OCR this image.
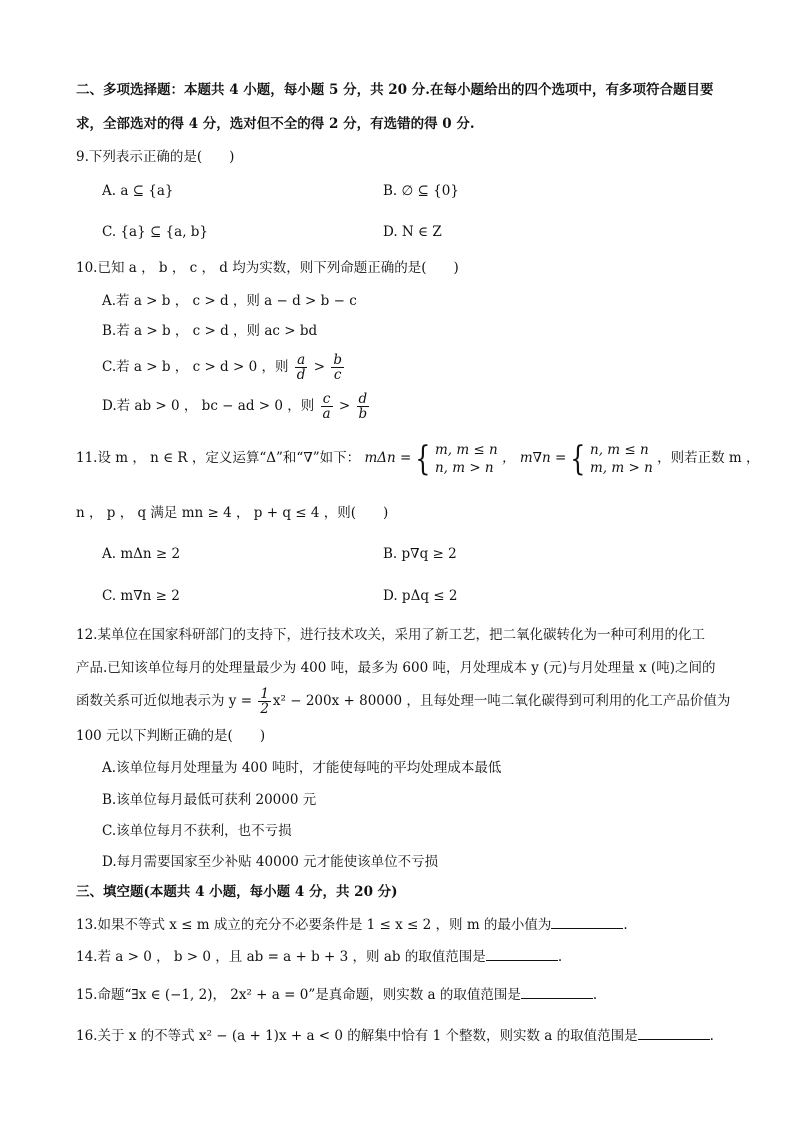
二、多项选择题：本题共 4 小题，每小题 5 分，共 20 分.在每小题给出的四个选项中，有多项符合题目要
求，全部选对的得 4 分，选对但不全的得 2 分，有选错的得 0 分.
9.下列表示正确的是(　　)
A. a ⊆ {a}	B. ∅ ⊆ {0}
C. {a} ⊆ {a, b}	D. N ∈ Z
10.已知 a ， b ， c ， d 均为实数，则下列命题正确的是(　　)
A.若 a > b ， c > d ，则 a − d > b − c
B.若 a > b ， c > d ，则 ac > bd
C.若 a > b ， c > d > 0 ，则 $\frac{a}{d} > \frac{b}{c}$
D.若 ab > 0 ， bc − ad > 0 ，则 $\frac{c}{a} > \frac{d}{b}$
11.设 m ， n ∈ R ，定义运算“Δ”和“∇”如下： mΔn = { m, m ≤ n
n, m > n
， m∇n = { n, m ≤ n
m, m > n
，则若正数 m ，
n ， p ， q 满足 mn ≥ 4 ， p + q ≤ 4 ，则(　　)
A. mΔn ≥ 2	B. p∇q ≥ 2
C. m∇n ≥ 2	D. pΔq ≤ 2
12.某单位在国家科研部门的支持下，进行技术攻关，采用了新工艺，把二氧化碳转化为一种可利用的化工
产品.已知该单位每月的处理量最少为 400 吨，最多为 600 吨，月处理成本 y (元)与月处理量 x (吨)之间的
函数关系可近似地表示为 $y = \frac{1}{2} x^2 - 200x + 80000$ ，且每处理一吨二氧化碳得到可利用的化工产品价值为
100 元以下判断正确的是(　　)
A.该单位每月处理量为 400 吨时，才能使每吨的平均处理成本最低
B.该单位每月最低可获利 20000 元
C.该单位每月不获利，也不亏损
D.每月需要国家至少补贴 40000 元才能使该单位不亏损
三、填空题(本题共 4 小题，每小题 4 分，共 20 分)
13.如果不等式 x ≤ m 成立的充分不必要条件是 1 ≤ x ≤ 2 ，则 m 的最小值为	.
14.若 a > 0 ， b > 0 ，且 ab = a + b + 3 ，则 ab 的取值范围是	.
15.命题“∃x ∈ (−1, 2)， 2x² + a = 0”是真命题，则实数 a 的取值范围是	.
16.关于 x 的不等式 x² − (a + 1)x + a < 0 的解集中恰有 1 个整数，则实数 a 的取值范围是	.
